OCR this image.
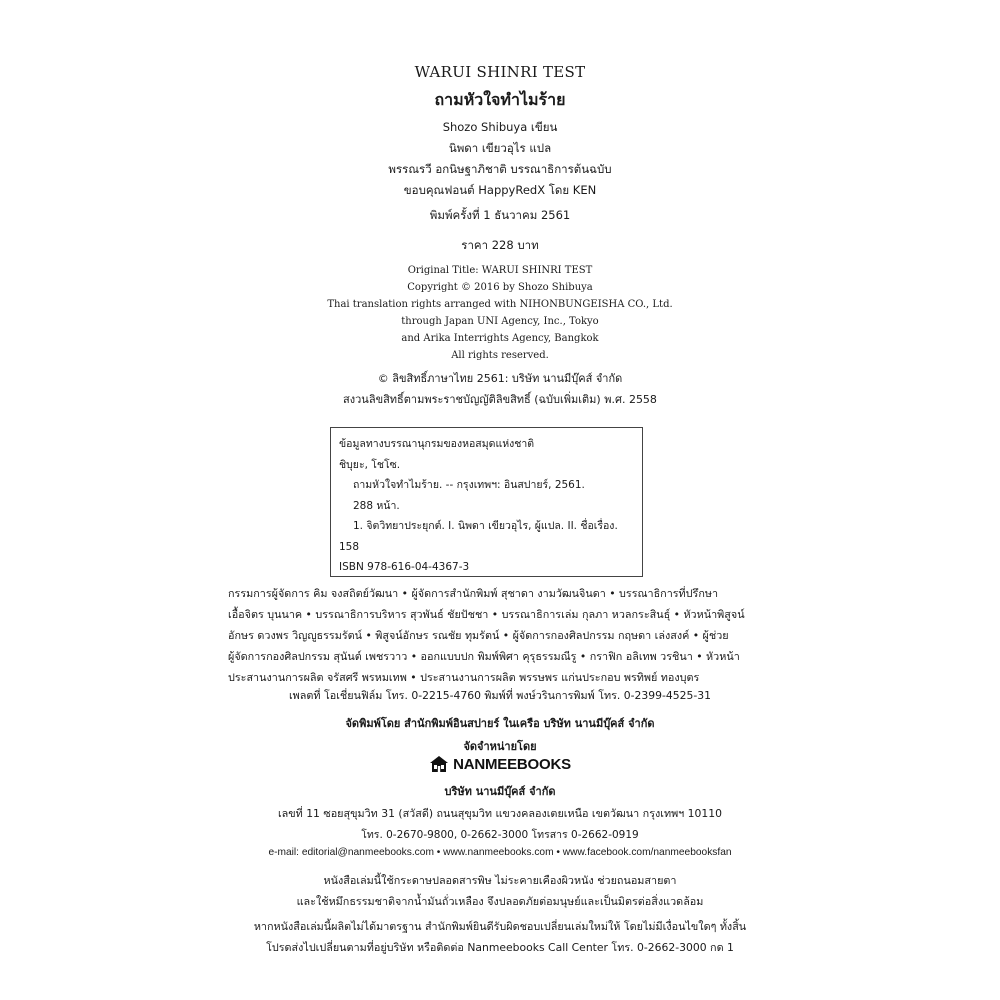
WARUI SHINRI TEST
ถามหัวใจทำไมร้าย
Shozo Shibuya เขียน
นิพดา เขียวอุไร แปล
พรรณรวี อกนิษฐาภิชาติ บรรณาธิการต้นฉบับ
ขอบคุณฟอนต์ HappyRedX โดย KEN
พิมพ์ครั้งที่ 1 ธันวาคม 2561
ราคา 228 บาท
Original Title: WARUI SHINRI TEST
Copyright © 2016 by Shozo Shibuya
Thai translation rights arranged with NIHONBUNGEISHA CO., Ltd.
through Japan UNI Agency, Inc., Tokyo
and Arika Interrights Agency, Bangkok
All rights reserved.
© ลิขสิทธิ์ภาษาไทย 2561: บริษัท นานมีบุ๊คส์ จำกัด
สงวนลิขสิทธิ์ตามพระราชบัญญัติลิขสิทธิ์ (ฉบับเพิ่มเติม) พ.ศ. 2558
ข้อมูลทางบรรณานุกรมของหอสมุดแห่งชาติ
ชิบุยะ, โชโซ.
ถามหัวใจทำไมร้าย. -- กรุงเทพฯ: อินสปายร์, 2561.
288 หน้า.
1. จิตวิทยาประยุกต์. I. นิพดา เขียวอุไร, ผู้แปล. II. ชื่อเรื่อง.
158
ISBN 978-616-04-4367-3
กรรมการผู้จัดการ คิม จงสถิตย์วัฒนา • ผู้จัดการสำนักพิมพ์ สุชาดา งามวัฒนจินดา • บรรณาธิการที่ปรึกษา
เอื้อจิตร บุนนาค • บรรณาธิการบริหาร สุวพันธ์ ชัยปัชชา • บรรณาธิการเล่ม กุลภา หวลกระสินธุ์ • หัวหน้าพิสูจน์
อักษร ดวงพร วิญญูธรรมรัตน์ • พิสูจน์อักษร รณชัย ทุมรัตน์ • ผู้จัดการกองศิลปกรรม กฤษดา เล่งสงค์ • ผู้ช่วย
ผู้จัดการกองศิลปกรรม สุนันต์ เพชรวาว • ออกแบบปก พิมพ์พิศา คุรุธรรมณีรู • กราฟิก อลิเทพ วรชินา • หัวหน้า
ประสานงานการผลิต จรัสศรี พรหมเทพ • ประสานงานการผลิต พรรษพร แก่นประกอบ พรทิพย์ ทองบุตร
เพลตที่ โอเชี่ยนฟิล์ม โทร. 0-2215-4760 พิมพ์ที่ พงษ์วรินการพิมพ์ โทร. 0-2399-4525-31
จัดพิมพ์โดย สำนักพิมพ์อินสปายร์ ในเครือ บริษัท นานมีบุ๊คส์ จำกัด
จัดจำหน่ายโดย
NANMEEBOOKS
บริษัท นานมีบุ๊คส์ จำกัด
เลขที่ 11 ซอยสุขุมวิท 31 (สวัสดี) ถนนสุขุมวิท แขวงคลองเตยเหนือ เขตวัฒนา กรุงเทพฯ 10110
โทร. 0-2670-9800, 0-2662-3000 โทรสาร 0-2662-0919
e-mail: editorial@nanmeebooks.com • www.nanmeebooks.com • www.facebook.com/nanmeebooksfan
หนังสือเล่มนี้ใช้กระดาษปลอดสารพิษ ไม่ระคายเคืองผิวหนัง ช่วยถนอมสายตา
และใช้หมึกธรรมชาติจากน้ำมันถั่วเหลือง จึงปลอดภัยต่อมนุษย์และเป็นมิตรต่อสิ่งแวดล้อม
หากหนังสือเล่มนี้ผลิตไม่ได้มาตรฐาน สำนักพิมพ์ยินดีรับผิดชอบเปลี่ยนเล่มใหม่ให้ โดยไม่มีเงื่อนไขใดๆ ทั้งสิ้น
โปรดส่งไปเปลี่ยนตามที่อยู่บริษัท หรือติดต่อ Nanmeebooks Call Center โทร. 0-2662-3000 กด 1
